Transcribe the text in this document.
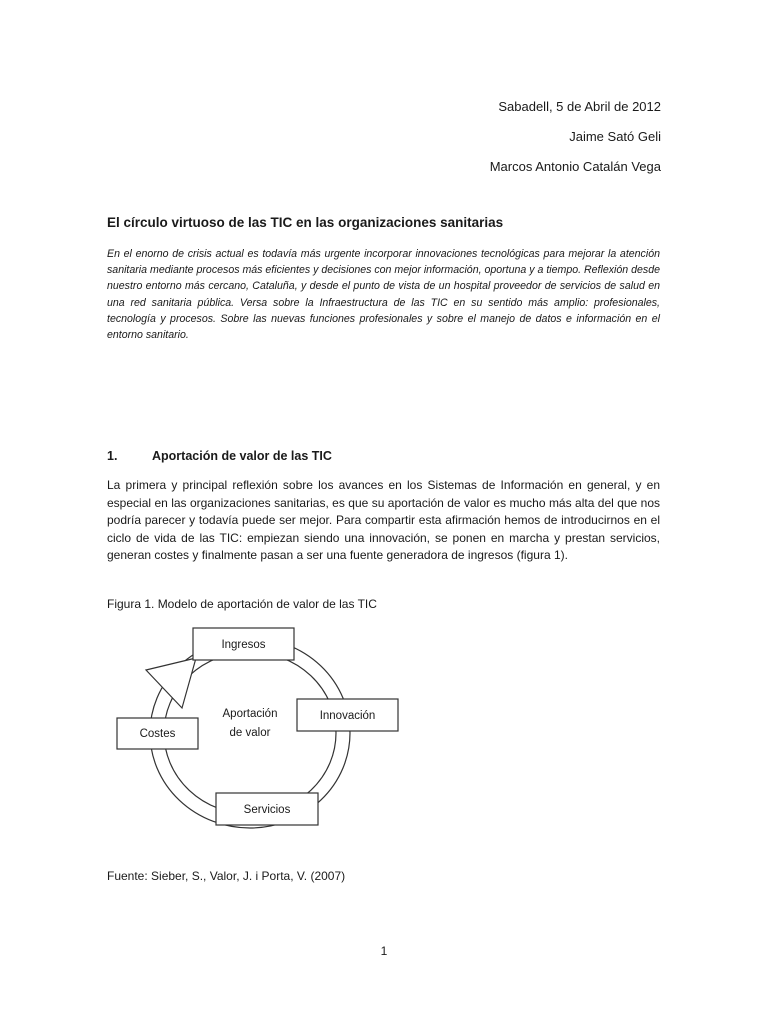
Sabadell, 5 de Abril de 2012
Jaime Sató Geli
Marcos Antonio Catalán Vega
El círculo virtuoso de las TIC en las organizaciones sanitarias

En el enorno de crisis actual es todavía más urgente incorporar innovaciones tecnológicas para mejorar la atención sanitaria mediante procesos más eficientes y decisiones con mejor información, oportuna y a tiempo. Reflexión desde nuestro entorno más cercano, Cataluña, y desde el punto de vista de un hospital proveedor de servicios de salud en una red sanitaria pública. Versa sobre la Infraestructura de las TIC en su sentido más amplio: profesionales, tecnología y procesos. Sobre las nuevas funciones profesionales y sobre el manejo de datos e información en el entorno sanitario.

1.	Aportación de valor de las TIC

La primera y principal reflexión sobre los avances en los Sistemas de Información en general, y en especial en las organizaciones sanitarias, es que su aportación de valor es mucho más alta del que nos podría parecer y todavía puede ser mejor. Para compartir esta afirmación hemos de introducirnos en el ciclo de vida de las TIC: empiezan siendo una innovación, se ponen en marcha y prestan servicios, generan costes y finalmente pasan a ser una fuente generadora de ingresos (figura 1).

Figura 1. Modelo de aportación de valor de las TIC

Ingresos
Innovación
Costes
Servicios
Aportación
de valor

Fuente: Sieber, S., Valor, J. i Porta, V. (2007)

1
